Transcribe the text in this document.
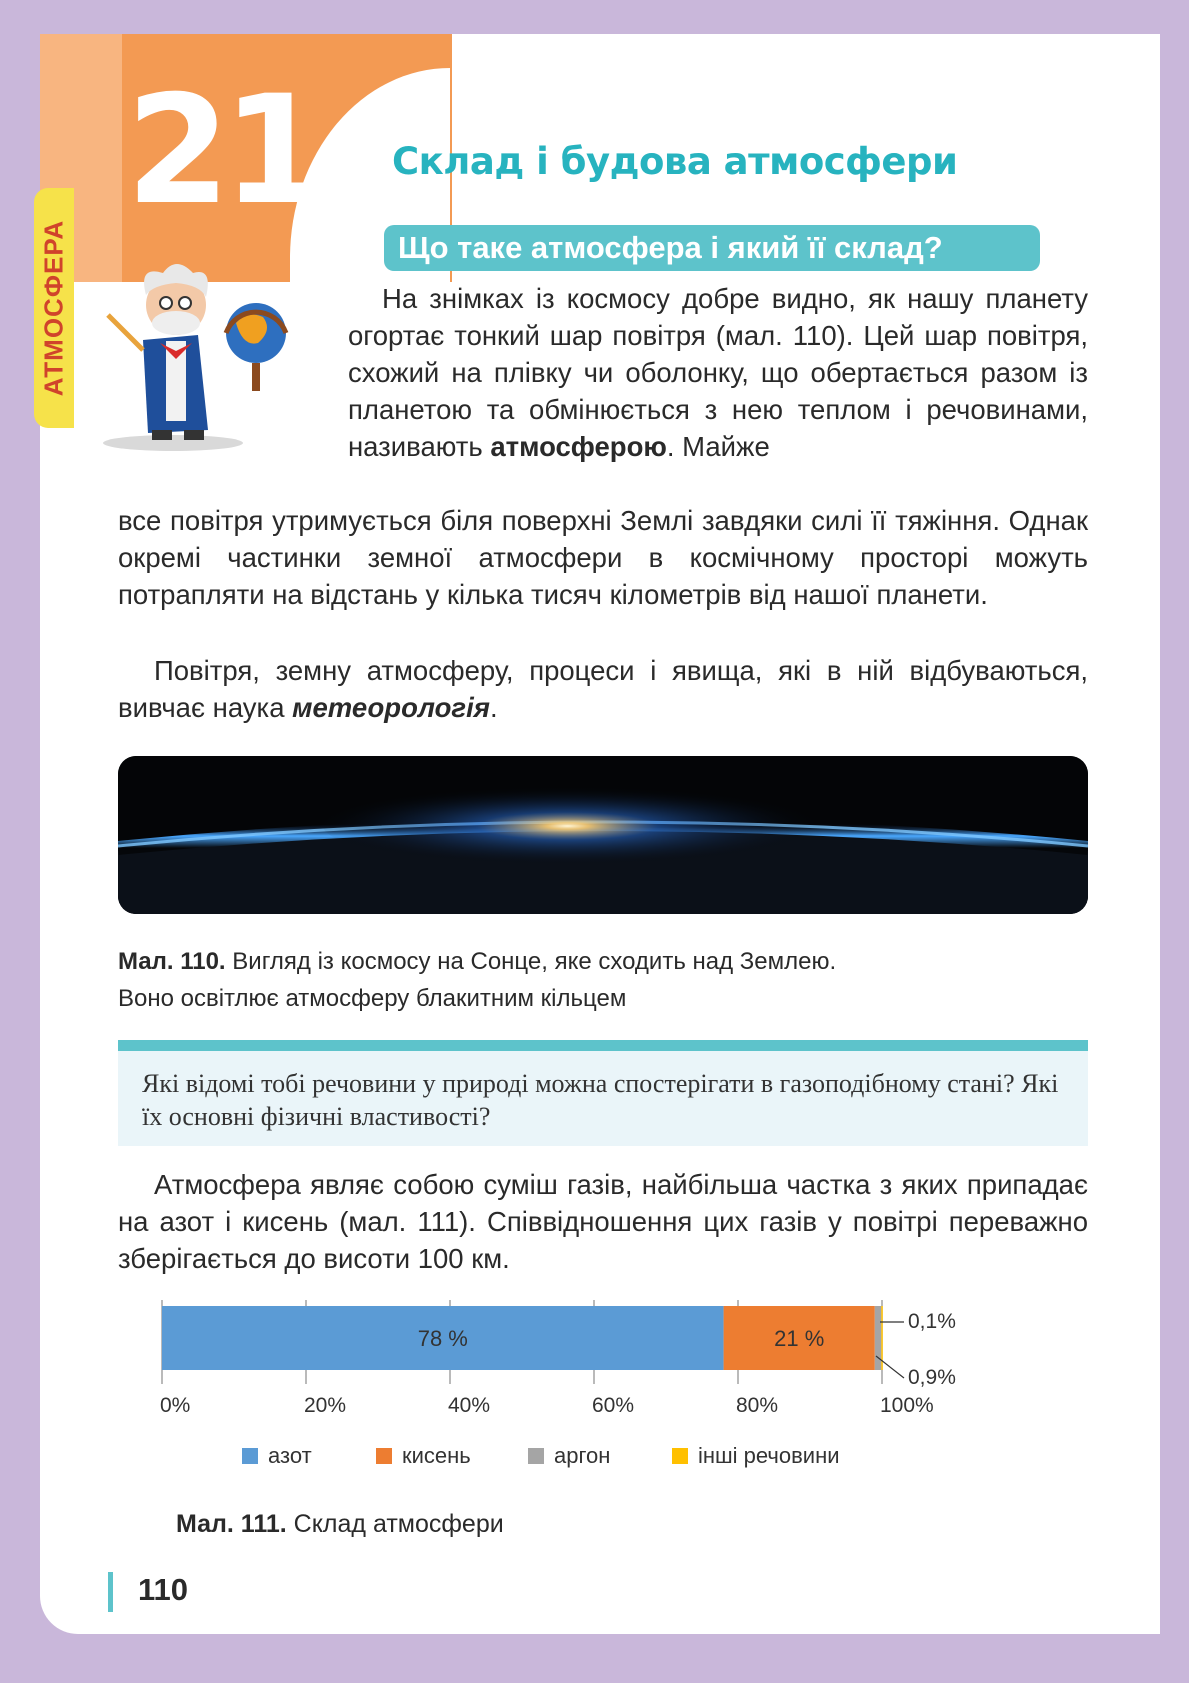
21
АТМОСФЕРА
Склад і будова атмосфери
Що таке атмосфера і який її склад?
На знімках із космосу добре видно, як нашу планету огортає тонкий шар повітря (мал. 110). Цей шар повітря, схожий на плівку чи оболонку, що обертається разом із планетою та обмінюється з нею теплом і речовинами, називають атмосферою. Майже
все повітря утримується біля поверхні Землі завдяки силі її тяжіння. Однак окремі частинки земної атмосфери в космічному просторі можуть потрапляти на відстань у кілька тисяч кілометрів від нашої планети.
Повітря, земну атмосферу, процеси і явища, які в ній відбуваються, вивчає наука метеорологія.
Мал. 110. Вигляд із космосу на Сонце, яке сходить над Землею.
Воно освітлює атмосферу блакитним кільцем
Які відомі тобі речовини у природі можна спостерігати в газоподібному стані? Які їх основні фізичні властивості?
Атмосфера являє собою суміш газів, найбільша частка з яких припадає на азот і кисень (мал. 111). Співвідношення цих газів у повітрі переважно зберігається до висоти 100 км.
0%	20%	40%	60%	80%	100%
78 %	21 %
0,1%
0,9%
азот	кисень	аргон	інші речовини
Мал. 111. Склад атмосфери
110
